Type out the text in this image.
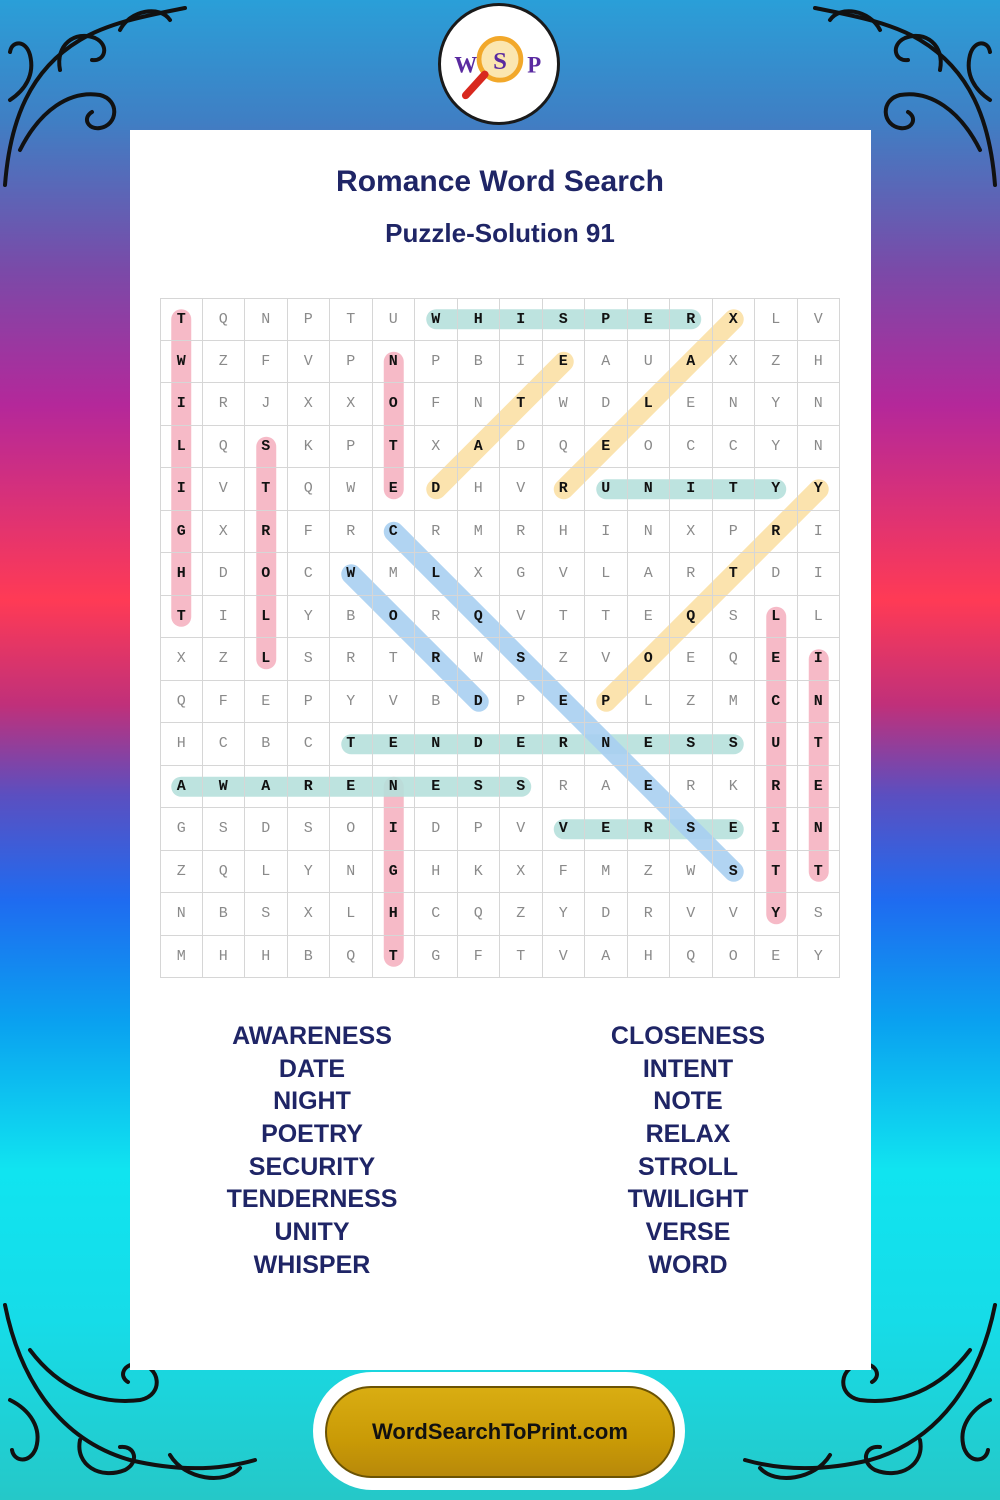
W S P
Romance Word Search
Puzzle-Solution 91
T	Q	N	P	T	U	W	H	I	S	P	E	R	X	L	V
W	Z	F	V	P	N	P	B	I	E	A	U	A	X	Z	H
I	R	J	X	X	O	F	N	T	W	D	L	E	N	Y	N
L	Q	S	K	P	T	X	A	D	Q	E	O	C	C	Y	N
I	V	T	Q	W	E	D	H	V	R	U	N	I	T	Y	Y
G	X	R	F	R	C	R	M	R	H	I	N	X	P	R	I
H	D	O	C	W	M	L	X	G	V	L	A	R	T	D	I
T	I	L	Y	B	O	R	Q	V	T	T	E	Q	S	L	L
X	Z	L	S	R	T	R	W	S	Z	V	O	E	Q	E	I
Q	F	E	P	Y	V	B	D	P	E	P	L	Z	M	C	N
H	C	B	C	T	E	N	D	E	R	N	E	S	S	U	T
A	W	A	R	E	N	E	S	S	R	A	E	R	K	R	E
G	S	D	S	O	I	D	P	V	V	E	R	S	E	I	N
Z	Q	L	Y	N	G	H	K	X	F	M	Z	W	S	T	T
N	B	S	X	L	H	C	Q	Z	Y	D	R	V	V	Y	S
M	H	H	B	Q	T	G	F	T	V	A	H	Q	O	E	Y
AWARENESS
DATE
NIGHT
POETRY
SECURITY
TENDERNESS
UNITY
WHISPER
CLOSENESS
INTENT
NOTE
RELAX
STROLL
TWILIGHT
VERSE
WORD
WordSearchToPrint.com
